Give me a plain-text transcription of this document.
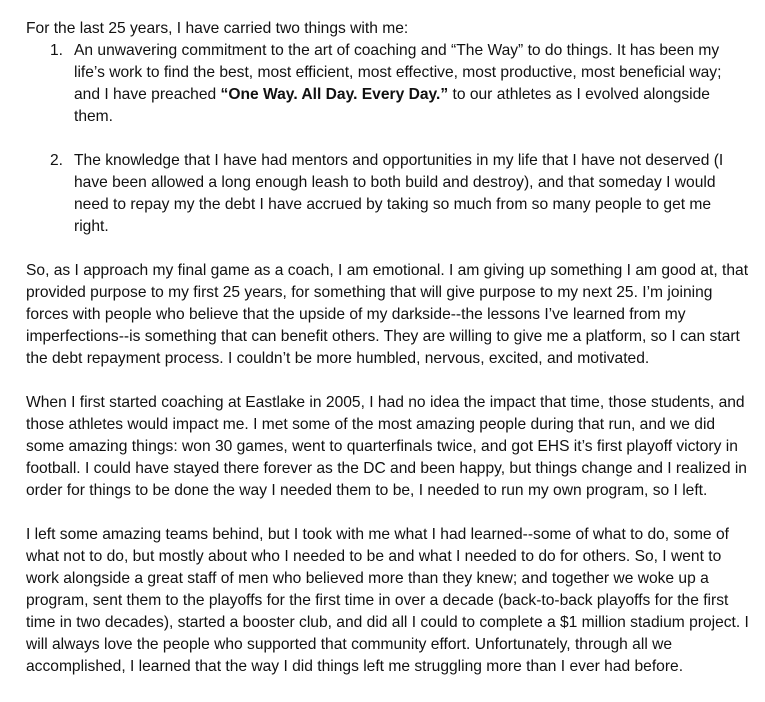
For the last 25 years, I have carried two things with me:

1. An unwavering commitment to the art of coaching and “The Way” to do things. It has been my life’s work to find the best, most efficient, most effective, most productive, most beneficial way; and I have preached “One Way. All Day. Every Day.” to our athletes as I evolved alongside them.
2. The knowledge that I have had mentors and opportunities in my life that I have not deserved (I have been allowed a long enough leash to both build and destroy), and that someday I would need to repay my the debt I have accrued by taking so much from so many people to get me right.

So, as I approach my final game as a coach, I am emotional. I am giving up something I am good at, that provided purpose to my first 25 years, for something that will give purpose to my next 25. I’m joining forces with people who believe that the upside of my darkside--the lessons I’ve learned from my imperfections--is something that can benefit others. They are willing to give me a platform, so I can start the debt repayment process. I couldn’t be more humbled, nervous, excited, and motivated.

When I first started coaching at Eastlake in 2005, I had no idea the impact that time, those students, and those athletes would impact me. I met some of the most amazing people during that run, and we did some amazing things: won 30 games, went to quarterfinals twice, and got EHS it’s first playoff victory in football. I could have stayed there forever as the DC and been happy, but things change and I realized in order for things to be done the way I needed them to be, I needed to run my own program, so I left.

I left some amazing teams behind, but I took with me what I had learned--some of what to do, some of what not to do, but mostly about who I needed to be and what I needed to do for others. So, I went to work alongside a great staff of men who believed more than they knew; and together we woke up a program, sent them to the playoffs for the first time in over a decade (back-to-back playoffs for the first time in two decades), started a booster club, and did all I could to complete a $1 million stadium project. I will always love the people who supported that community effort. Unfortunately, through all we accomplished, I learned that the way I did things left me struggling more than I ever had before.
